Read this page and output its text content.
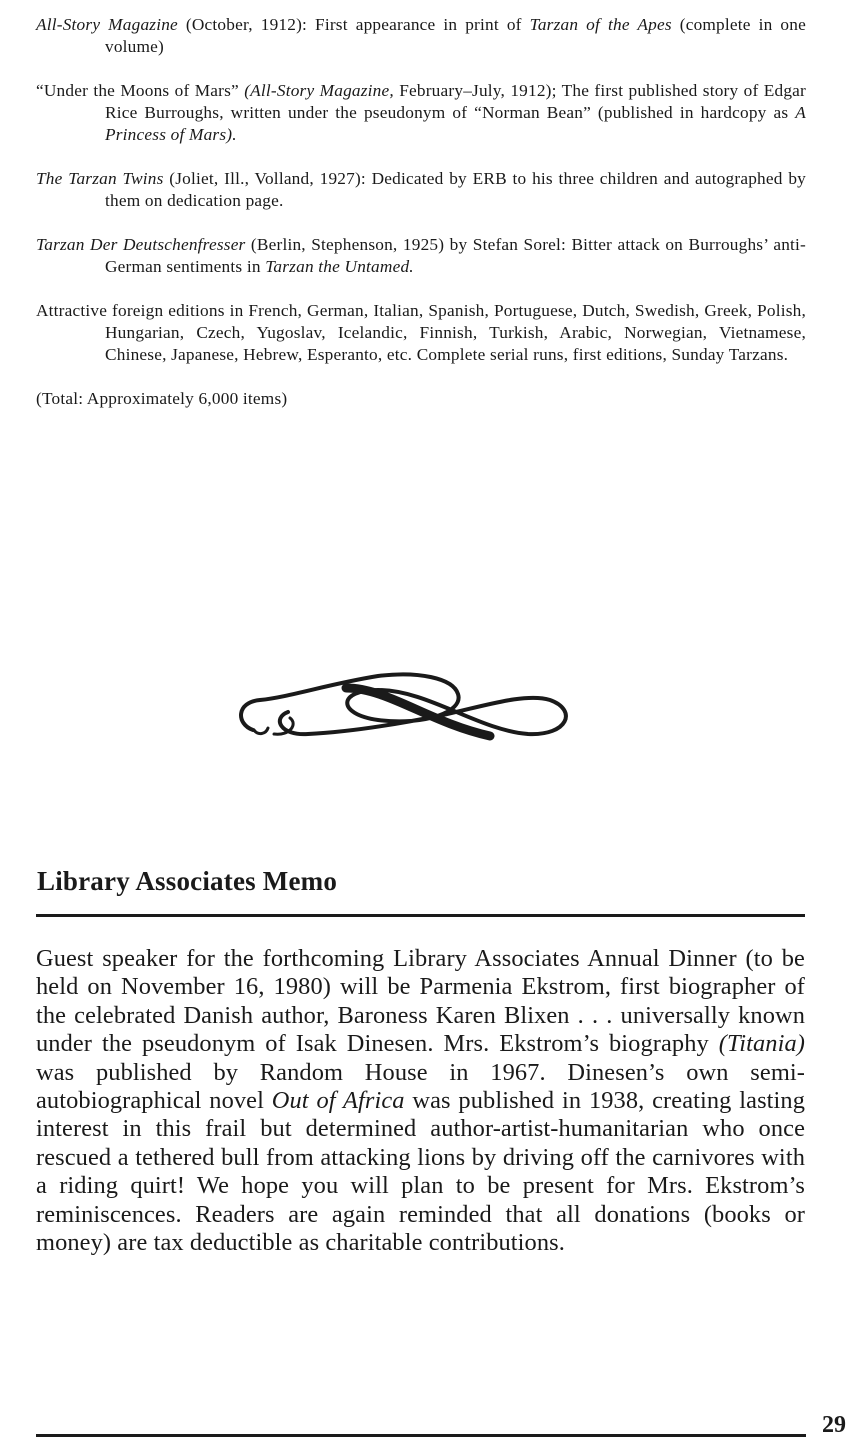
All-Story Magazine (October, 1912): First appearance in print of Tarzan of the Apes (complete in one volume)

“Under the Moons of Mars” (All-Story Magazine, February–July, 1912); The first published story of Edgar Rice Burroughs, written under the pseudonym of “Norman Bean” (published in hardcopy as A Princess of Mars).

The Tarzan Twins (Joliet, Ill., Volland, 1927): Dedicated by ERB to his three children and autographed by them on dedication page.

Tarzan Der Deutschenfresser (Berlin, Stephenson, 1925) by Stefan Sorel: Bitter attack on Burroughs’ anti-German sentiments in Tarzan the Untamed.

Attractive foreign editions in French, German, Italian, Spanish, Portuguese, Dutch, Swedish, Greek, Polish, Hungarian, Czech, Yugoslav, Icelandic, Finnish, Turkish, Arabic, Norwegian, Vietnamese, Chinese, Japanese, Hebrew, Esperanto, etc. Complete serial runs, first editions, Sunday Tarzans.

(Total: Approximately 6,000 items)

Library Associates Memo

Guest speaker for the forthcoming Library Associates Annual Dinner (to be held on November 16, 1980) will be Parmenia Ekstrom, first biographer of the celebrated Danish author, Baroness Karen Blixen . . . universally known under the pseudonym of Isak Dinesen. Mrs. Ekstrom’s biography (Titania) was published by Random House in 1967. Dinesen’s own semi-autobiographical novel Out of Africa was published in 1938, creating lasting interest in this frail but determined author-artist-humanitarian who once rescued a tethered bull from attacking lions by driving off the carnivores with a riding quirt! We hope you will plan to be present for Mrs. Ekstrom’s reminiscences. Readers are again reminded that all donations (books or money) are tax deductible as charitable contributions.

29
